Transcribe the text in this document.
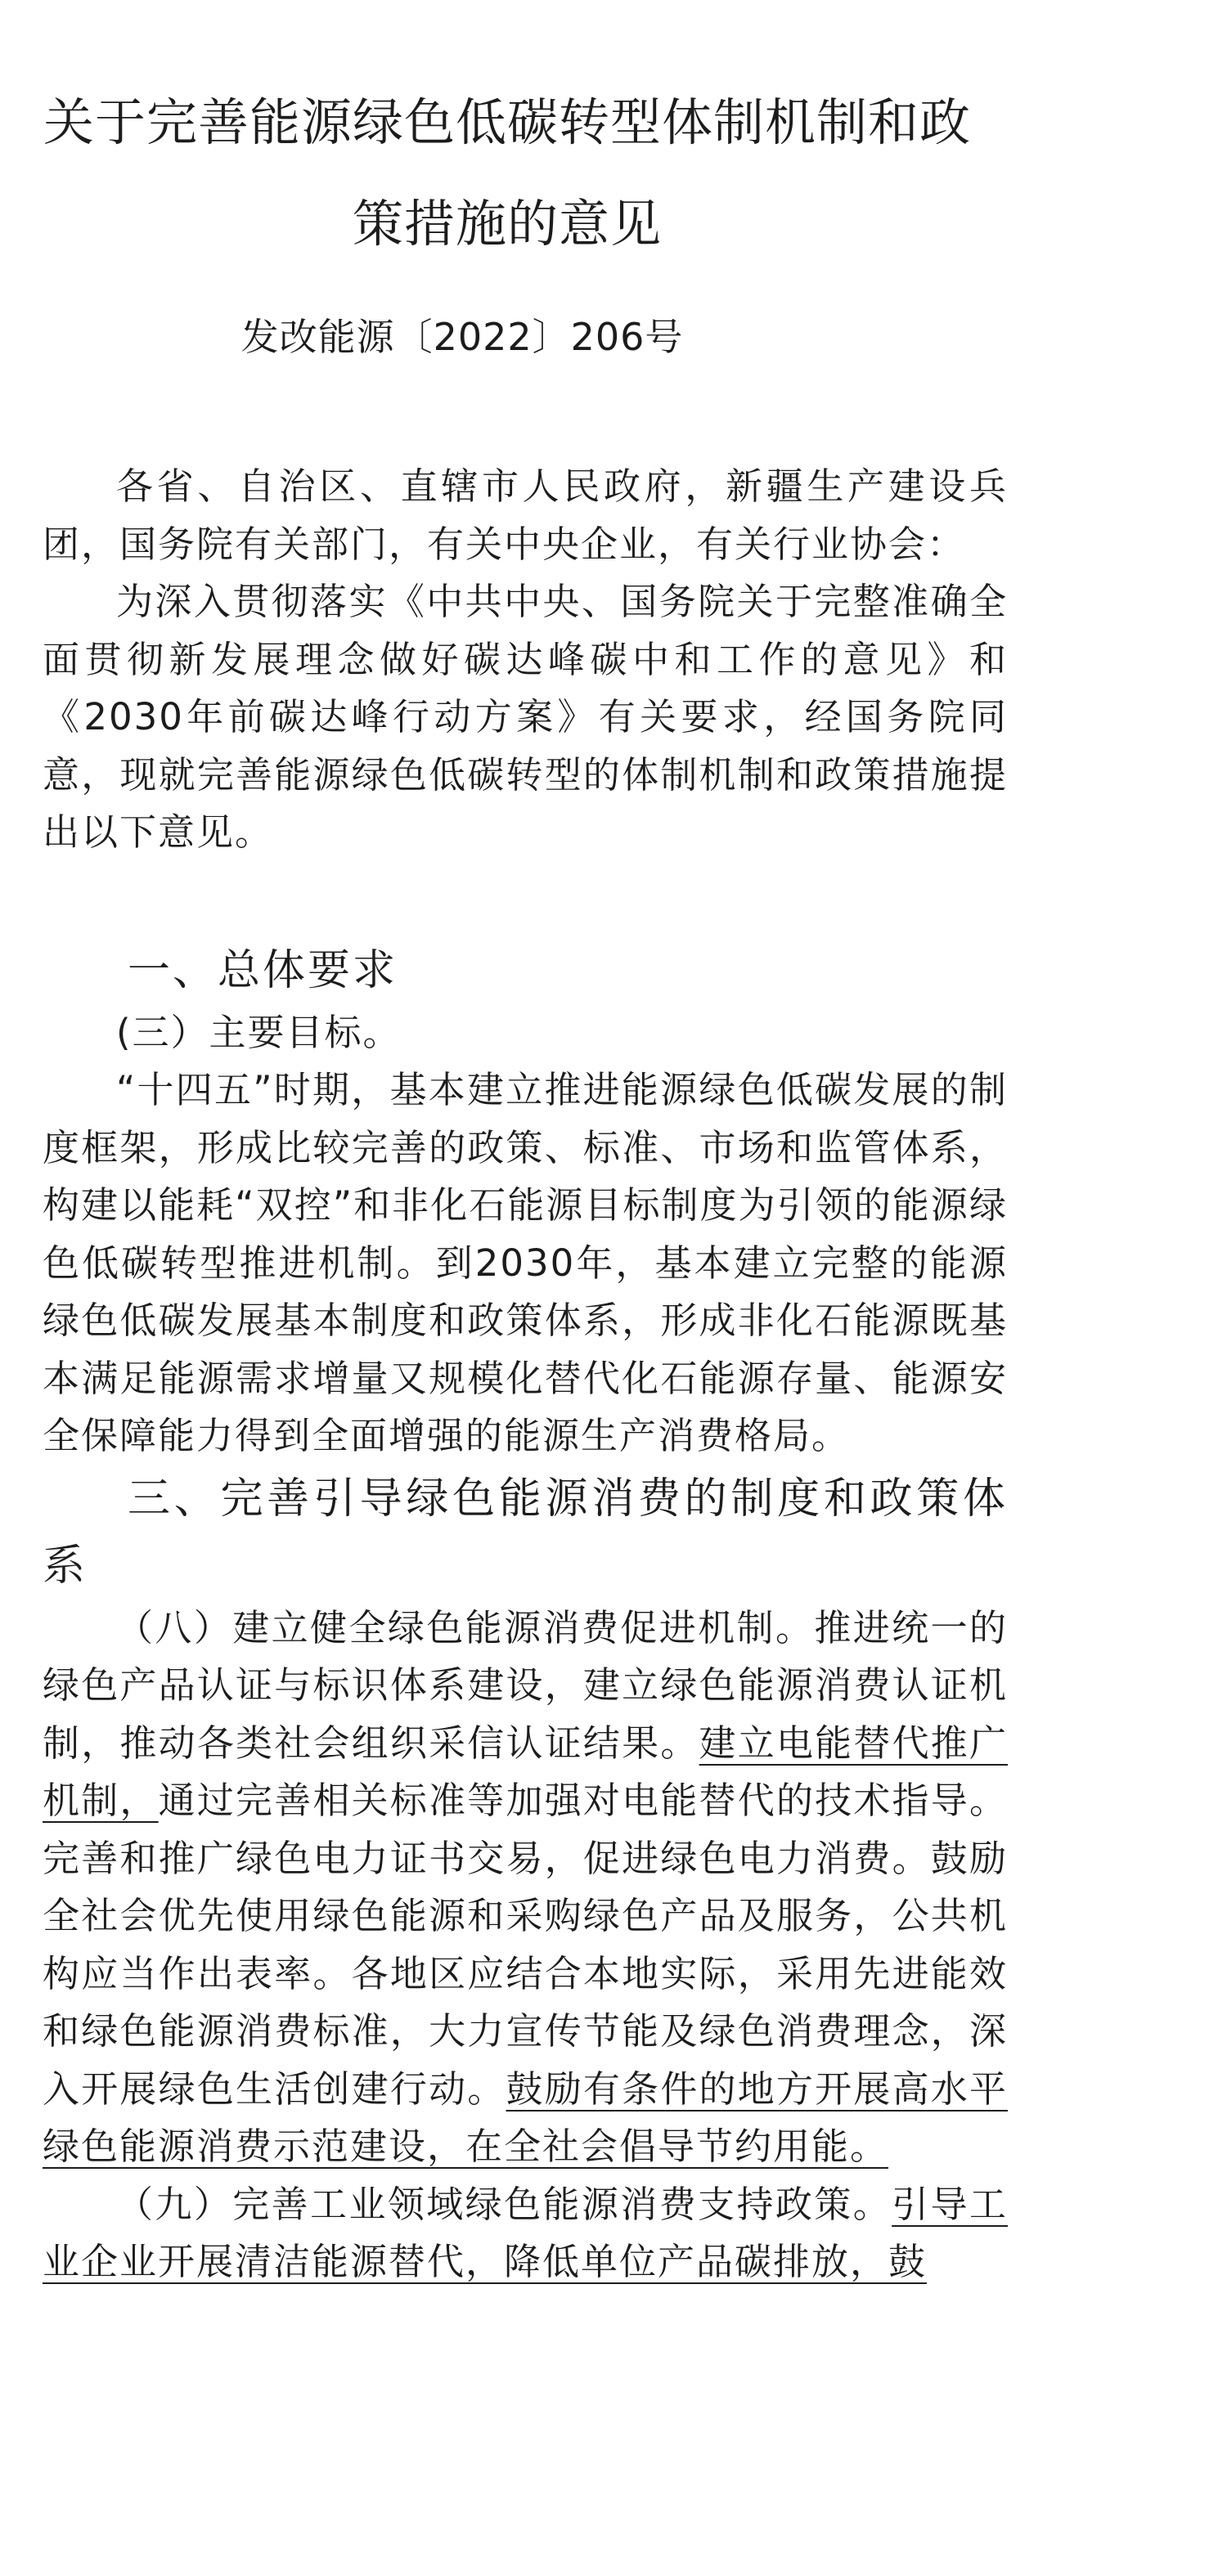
关于完善能源绿色低碳转型体制机制和政策措施的意见
发改能源〔2022〕206号

各省、自治区、直辖市人民政府，新疆生产建设兵团，国务院有关部门，有关中央企业，有关行业协会：

为深入贯彻落实《中共中央、国务院关于完整准确全面贯彻新发展理念做好碳达峰碳中和工作的意见》和《2030年前碳达峰行动方案》有关要求，经国务院同意，现就完善能源绿色低碳转型的体制机制和政策措施提出以下意见。

一、总体要求

(三）主要目标。

“十四五”时期，基本建立推进能源绿色低碳发展的制度框架，形成比较完善的政策、标准、市场和监管体系，构建以能耗“双控”和非化石能源目标制度为引领的能源绿色低碳转型推进机制。到2030年，基本建立完整的能源绿色低碳发展基本制度和政策体系，形成非化石能源既基本满足能源需求增量又规模化替代化石能源存量、能源安全保障能力得到全面增强的能源生产消费格局。

三、完善引导绿色能源消费的制度和政策体系

（八）建立健全绿色能源消费促进机制。推进统一的绿色产品认证与标识体系建设，建立绿色能源消费认证机制，推动各类社会组织采信认证结果。建立电能替代推广机制，通过完善相关标准等加强对电能替代的技术指导。完善和推广绿色电力证书交易，促进绿色电力消费。鼓励全社会优先使用绿色能源和采购绿色产品及服务，公共机构应当作出表率。各地区应结合本地实际，采用先进能效和绿色能源消费标准，大力宣传节能及绿色消费理念，深入开展绿色生活创建行动。鼓励有条件的地方开展高水平绿色能源消费示范建设，在全社会倡导节约用能。

（九）完善工业领域绿色能源消费支持政策。引导工业企业开展清洁能源替代，降低单位产品碳排放，鼓
